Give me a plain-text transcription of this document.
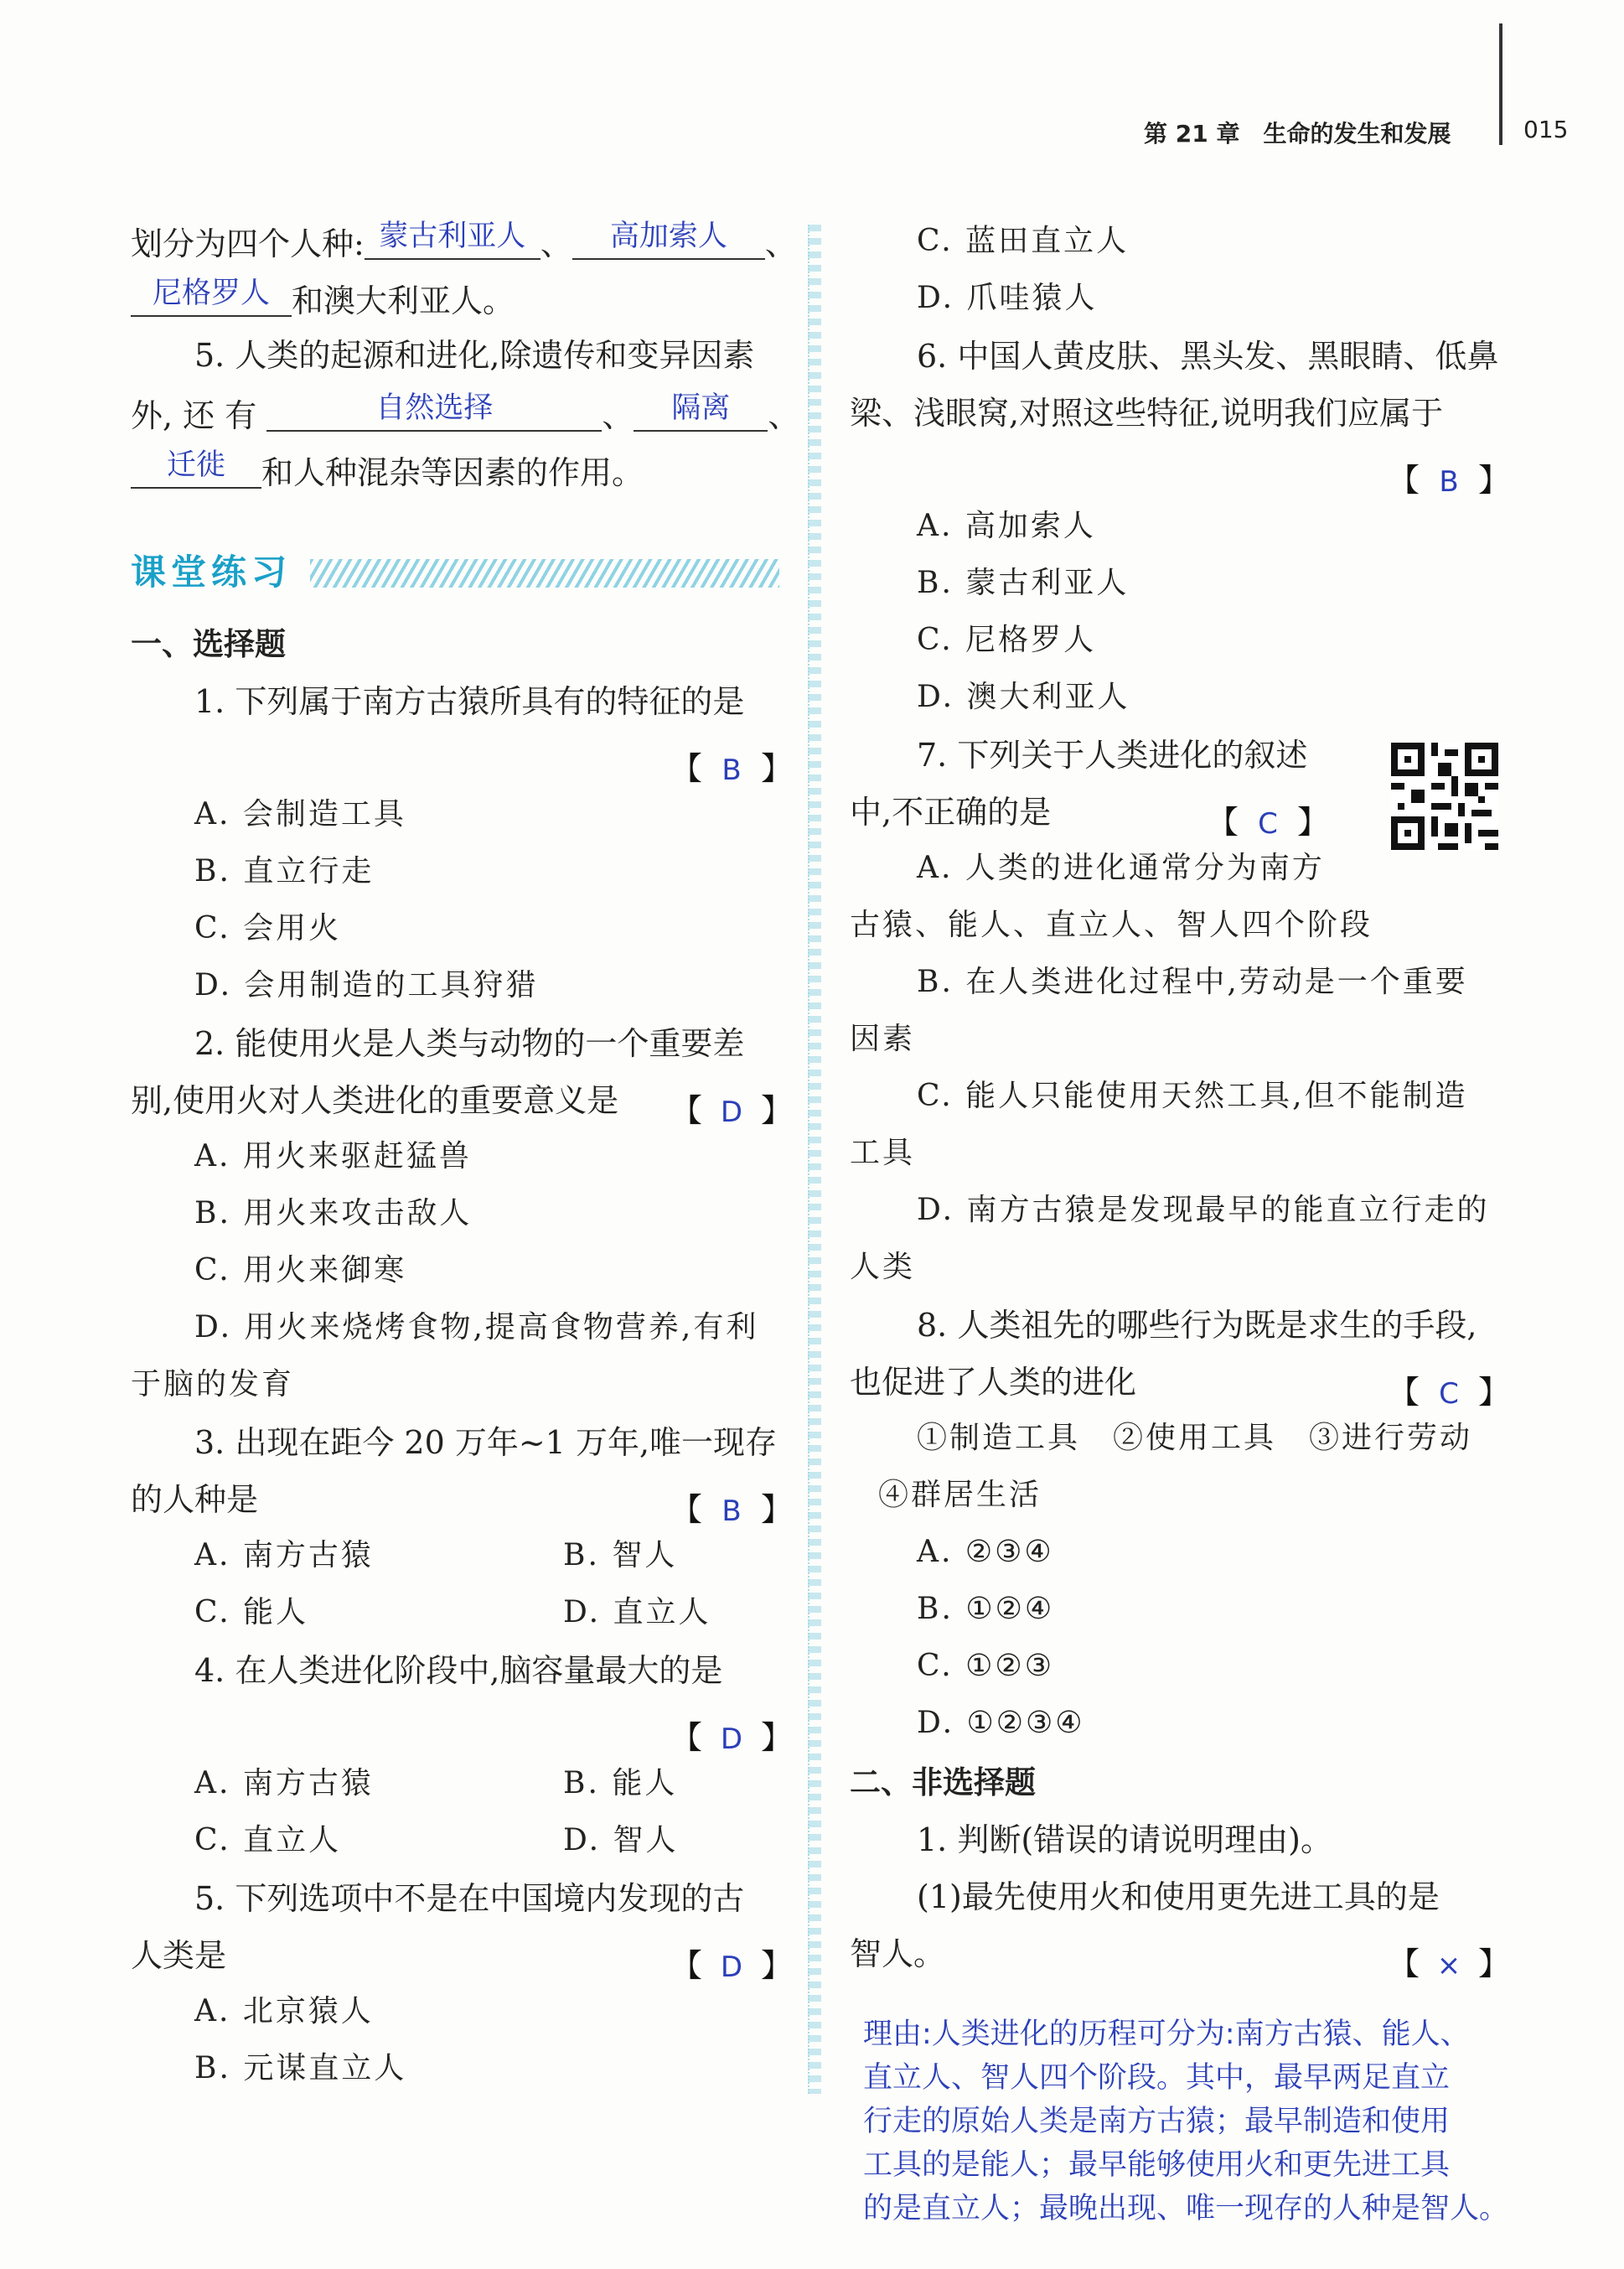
第 21 章　生命的发生和发展	015
划分为四个人种: 蒙古利亚人 、	高加索人	、
尼格罗人 和澳大利亚人。
5. 人类的起源和进化,除遗传和变异因素
外, 还 有	自然选择	、	隔离	、
迁徙	和人种混杂等因素的作用。
课堂练习
一、选择题
1. 下列属于南方古猿所具有的特征的是
【 B 】
A. 会制造工具
B. 直立行走
C. 会用火
D. 会用制造的工具狩猎
2. 能使用火是人类与动物的一个重要差
别,使用火对人类进化的重要意义是 【 D 】
A. 用火来驱赶猛兽
B. 用火来攻击敌人
C. 用火来御寒
D. 用火来烧烤食物,提高食物营养,有利
于脑的发育
3. 出现在距今 20 万年~1 万年,唯一现存
的人种是	【 B 】
A. 南方古猿	B. 智人
C. 能人	D. 直立人
4. 在人类进化阶段中,脑容量最大的是
【 D 】
A. 南方古猿	B. 能人
C. 直立人	D. 智人
5. 下列选项中不是在中国境内发现的古
人类是	【 D 】
A. 北京猿人
B. 元谋直立人
C. 蓝田直立人
D. 爪哇猿人
6. 中国人黄皮肤、黑头发、黑眼睛、低鼻
梁、浅眼窝,对照这些特征,说明我们应属于
【 B 】
A. 高加索人
B. 蒙古利亚人
C. 尼格罗人
D. 澳大利亚人
7. 下列关于人类进化的叙述
中,不正确的是	【 C 】
A. 人类的进化通常分为南方
古猿、能人、直立人、智人四个阶段
B. 在人类进化过程中,劳动是一个重要
因素
C. 能人只能使用天然工具,但不能制造
工具
D. 南方古猿是发现最早的能直立行走的
人类
8. 人类祖先的哪些行为既是求生的手段,
也促进了人类的进化	【 C 】
①制造工具　②使用工具　③进行劳动
④群居生活
A. ②③④
B. ①②④
C. ①②③
D. ①②③④
二、非选择题
1. 判断(错误的请说明理由)。
(1)最先使用火和使用更先进工具的是
智人。	【 × 】
理由:人类进化的历程可分为:南方古猿、能人、
直立人、智人四个阶段。其中，最早两足直立
行走的原始人类是南方古猿；最早制造和使用
工具的是能人；最早能够使用火和更先进工具
的是直立人；最晚出现、唯一现存的人种是智人。
